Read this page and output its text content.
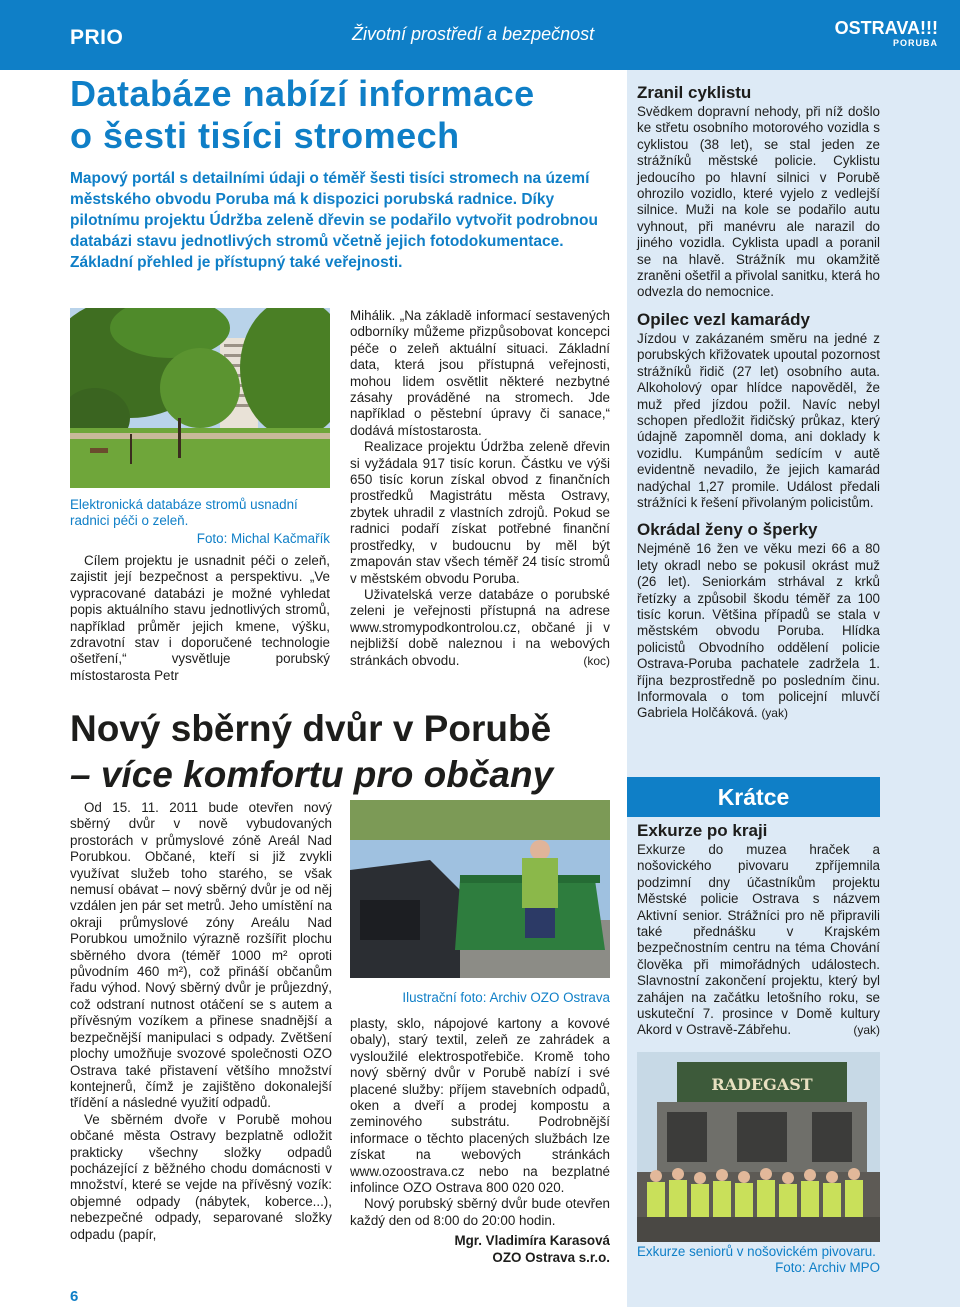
PRIO	Životní prostředí a bezpečnost	OSTRAVA!!!
PORUBA
Databáze nabízí informace
o šesti tisíci stromech

Mapový portál s detailními údaji o téměř šesti tisíci stromech na území městského obvodu Poruba má k dispozici porubská radnice. Díky pilotnímu projektu Údržba zeleně dřevin se podařilo vytvořit podrobnou databázi stavu jednotlivých stromů včetně jejich fotodokumentace. Základní přehled je přístupný také veřejnosti.

Elektronická databáze stromů usnadní radnici péči o zeleň.

Foto: Michal Kačmařík

Cílem projektu je usnadnit péči o zeleň, zajistit její bezpečnost a perspektivu. „Ve vypracované databázi je možné vyhledat popis aktuálního stavu jednotlivých stromů, například průměr jejich kmene, výšku, zdravotní stav i doporučené technologie ošetření,“ vysvětluje porubský místostarosta Petr

Mihálik. „Na základě informací sestavených odborníky můžeme přizpůsobovat koncepci péče o zeleň aktuální situaci. Základní data, která jsou přístupná veřejnosti, mohou lidem osvětlit některé nezbytné zásahy prováděné na stromech. Jde například o pěstební úpravy či sanace,“ dodává místostarosta.

Realizace projektu Údržba zeleně dřevin si vyžádala 917 tisíc korun. Částku ve výši 650 tisíc korun získal obvod z finančních prostředků Magistrátu města Ostravy, zbytek uhradil z vlastních zdrojů. Pokud se radnici podaří získat potřebné finanční prostředky, v budoucnu by měl být zmapován stav všech téměř 24 tisíc stromů v městském obvodu Poruba.

Uživatelská verze databáze o porubské zeleni je veřejnosti přístupná na adrese www.stromypodkontrolou.cz, občané ji v nejbližší době naleznou i na webových stránkách obvodu.	(koc)

Nový sběrný dvůr v Porubě
– více komfortu pro občany

Od 15. 11. 2011 bude otevřen nový sběrný dvůr v nově vybudovaných prostorách v průmyslové zóně Areál Nad Porubkou. Občané, kteří si již zvykli využívat služeb toho starého, se však nemusí obávat – nový sběrný dvůr je od něj vzdálen jen pár set metrů. Jeho umístění na okraji průmyslové zóny Areálu Nad Porubkou umožnilo výrazně rozšířit plochu sběrného dvora (téměř 1000 m² oproti původním 460 m²), což přináší občanům řadu výhod. Nový sběrný dvůr je průjezdný, což odstraní nutnost otáčení se s autem a přívěsným vozíkem a přinese snadnější a bezpečnější manipulaci s odpady. Zvětšení plochy umožňuje svozové společnosti OZO Ostrava také přistavení většího množství kontejnerů, čímž je zajištěno dokonalejší třídění a následné využití odpadů.

Ve sběrném dvoře v Porubě mohou občané města Ostravy bezplatně odložit prakticky všechny složky odpadů pocházející z běžného chodu domácnosti v množství, které se vejde na přívěsný vozík: objemné odpady (nábytek, koberce...), nebezpečné odpady, separované složky odpadu (papír,

Ilustrační foto: Archiv OZO Ostrava

plasty, sklo, nápojové kartony a kovové obaly), starý textil, zeleň ze zahrádek a vysloužilé elektrospotřebiče. Kromě toho nový sběrný dvůr v Porubě nabízí i své placené služby: příjem stavebních odpadů, oken a dveří a prodej kompostu a zeminového substrátu. Podrobnější informace o těchto placených službách lze získat na webových stránkách www.ozoostrava.cz nebo na bezplatné infolince OZO Ostrava 800 020 020.

Nový porubský sběrný dvůr bude otevřen každý den od 8:00 do 20:00 hodin.

Mgr. Vladimíra Karasová

OZO Ostrava s.r.o.

Zranil cyklistu

Svědkem dopravní nehody, při níž došlo ke střetu osobního motorového vozidla s cyklistou (38 let), se stal jeden ze strážníků městské policie. Cyklistu jedoucího po hlavní silnici v Porubě ohrozilo vozidlo, které vyjelo z vedlejší silnice. Muži na kole se podařilo autu vyhnout, při manévru ale narazil do jiného vozidla. Cyklista upadl a poranil se na hlavě. Strážník mu okamžitě zraněni ošetřil a přivolal sanitku, která ho odvezla do nemocnice.

Opilec vezl kamarády

Jízdou v zakázaném směru na jedné z porubských křižovatek upoutal pozornost strážníků řidič (27 let) osobního auta. Alkoholový opar hlídce napověděl, že muž před jízdou požil. Navíc nebyl schopen předložit řidičský průkaz, který údajně zapomněl doma, ani doklady k vozidlu. Kumpánům sedícím v autě evidentně nevadilo, že jejich kamarád nadýchal 1,27 promile. Událost předali strážníci k řešení přivolaným policistům.

Okrádal ženy o šperky

Nejméně 16 žen ve věku mezi 66 a 80 lety okradl nebo se pokusil okrást muž (26 let). Seniorkám strhával z krků řetízky a způsobil škodu téměř za 100 tisíc korun. Většina případů se stala v městském obvodu Poruba. Hlídka policistů Obvodního oddělení policie Ostrava-Poruba pachatele zadržela 1. října bezprostředně po posledním činu. Informovala o tom policejní mluvčí Gabriela Holčáková. (yak)

Krátce
Exkurze po kraji

Exkurze do muzea hraček a nošovického pivovaru zpříjemnila podzimní dny účastníkům projektu Městské policie Ostrava s názvem Aktivní senior. Strážníci pro ně připravili také přednášku v Krajském bezpečnostním centru na téma Chování člověka při mimořádných událostech. Slavnostní zakončení projektu, který byl zahájen na začátku letošního roku, se uskuteční 7. prosince v Domě kultury Akord v Ostravě-Zábřehu.	(yak)

RADEGAST

Exkurze seniorů v nošovickém pivovaru.
Foto: Archiv MPO

6
